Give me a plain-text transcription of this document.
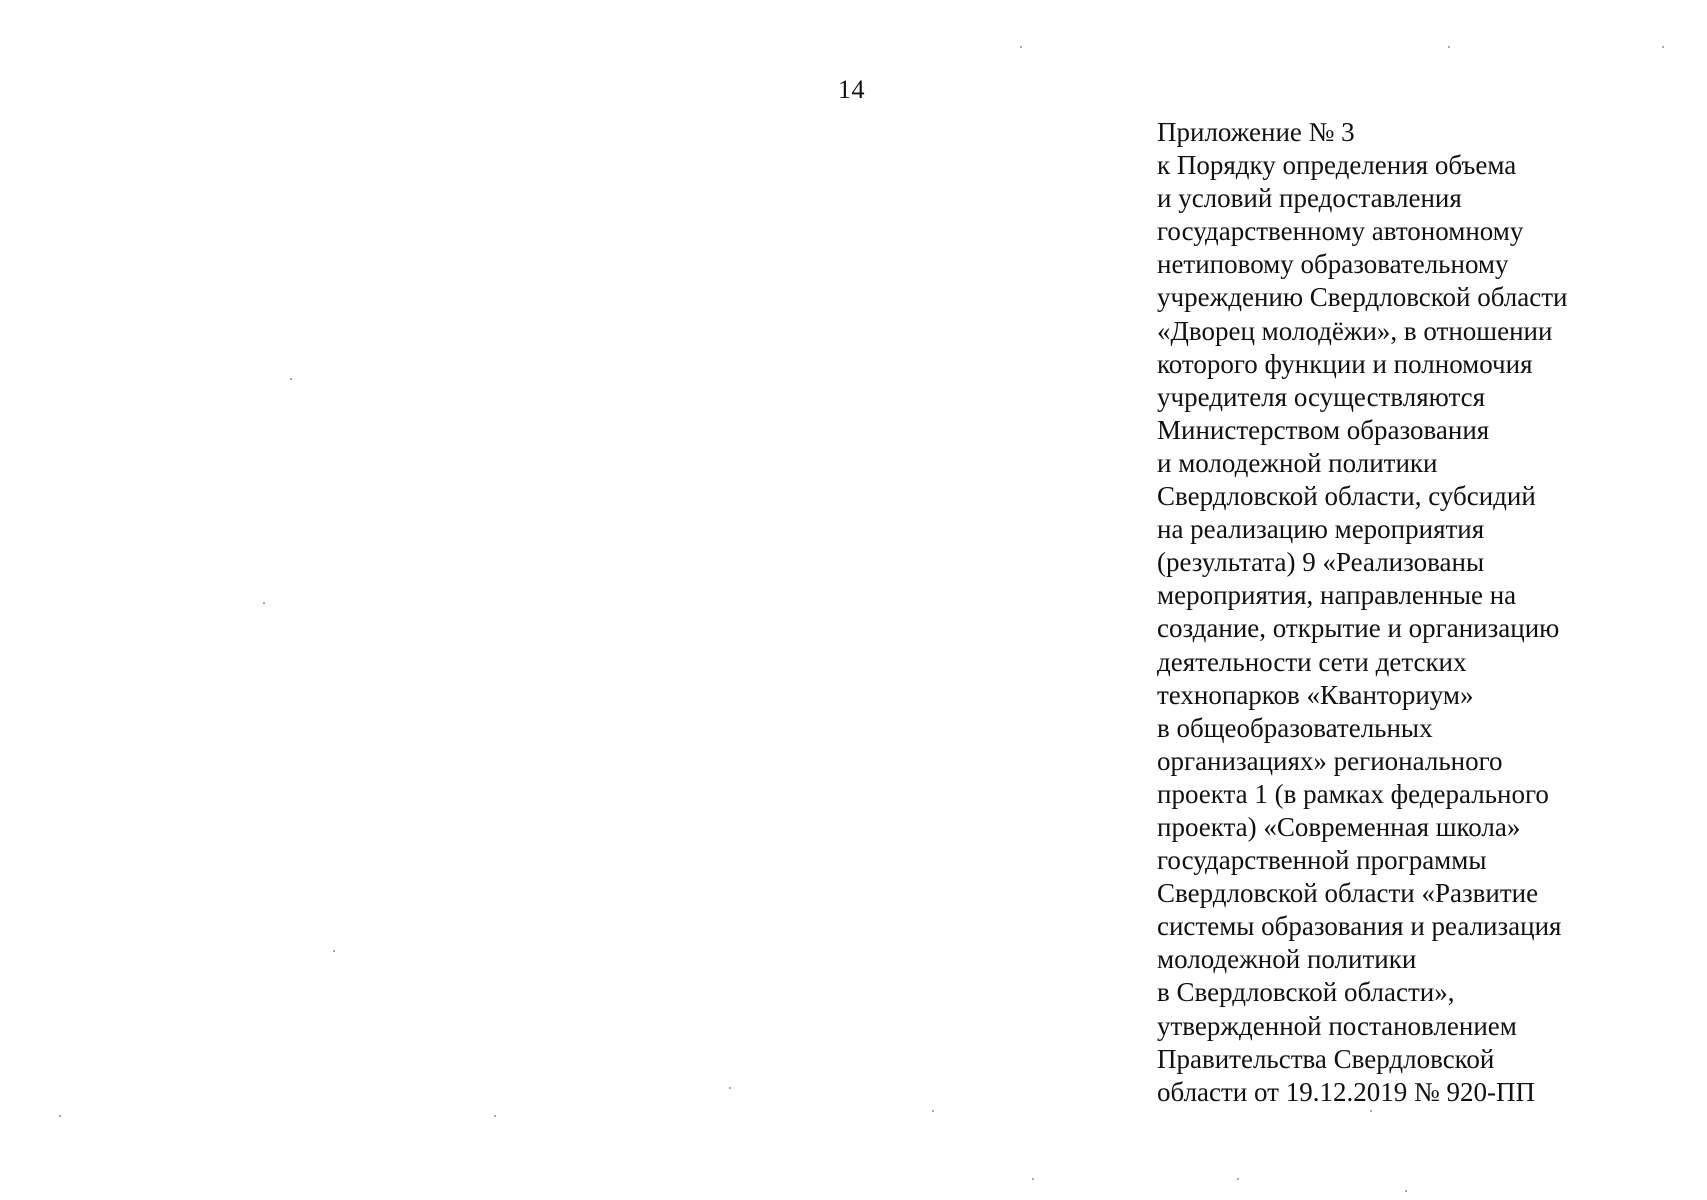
14
Приложение № 3
к Порядку определения объема
и условий предоставления
государственному автономному
нетиповому образовательному
учреждению Свердловской области
«Дворец молодёжи», в отношении
которого функции и полномочия
учредителя осуществляются
Министерством образования
и молодежной политики
Свердловской области, субсидий
на реализацию мероприятия
(результата) 9 «Реализованы
мероприятия, направленные на
создание, открытие и организацию
деятельности сети детских
технопарков «Кванториум»
в общеобразовательных
организациях» регионального
проекта 1 (в рамках федерального
проекта) «Современная школа»
государственной программы
Свердловской области «Развитие
системы образования и реализация
молодежной политики
в Свердловской области»,
утвержденной постановлением
Правительства Свердловской
области от 19.12.2019 № 920-ПП
